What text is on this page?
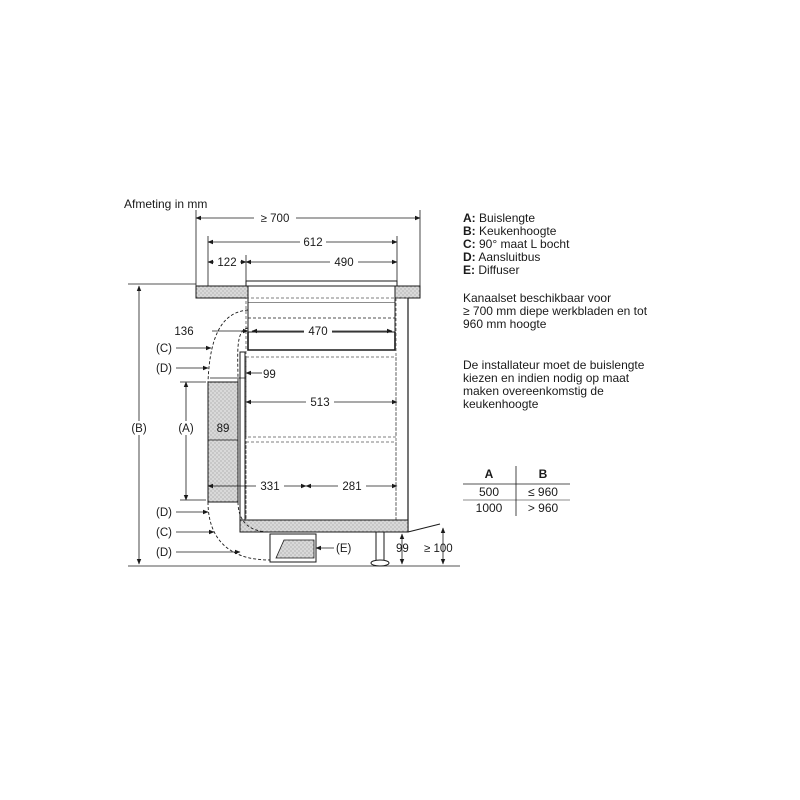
Afmeting in mm
≥ 700
612
122	490
136	470
99
513
89
331	281
(A)
(B)
(C)
(D)
(D)
(C)
(D)	(E)	99 ≥ 100
A: Buislengte
B: Keukenhoogte
C: 90° maat L bocht
D: Aansluitbus
E: Diffuser
Kanaalset beschikbaar voor
≥ 700 mm diepe werkbladen en tot
960 mm hoogte
De installateur moet de buislengte
kiezen en indien nodig op maat
maken overeenkomstig de
keukenhoogte
A	B
500 ≤ 960
1000 > 960
